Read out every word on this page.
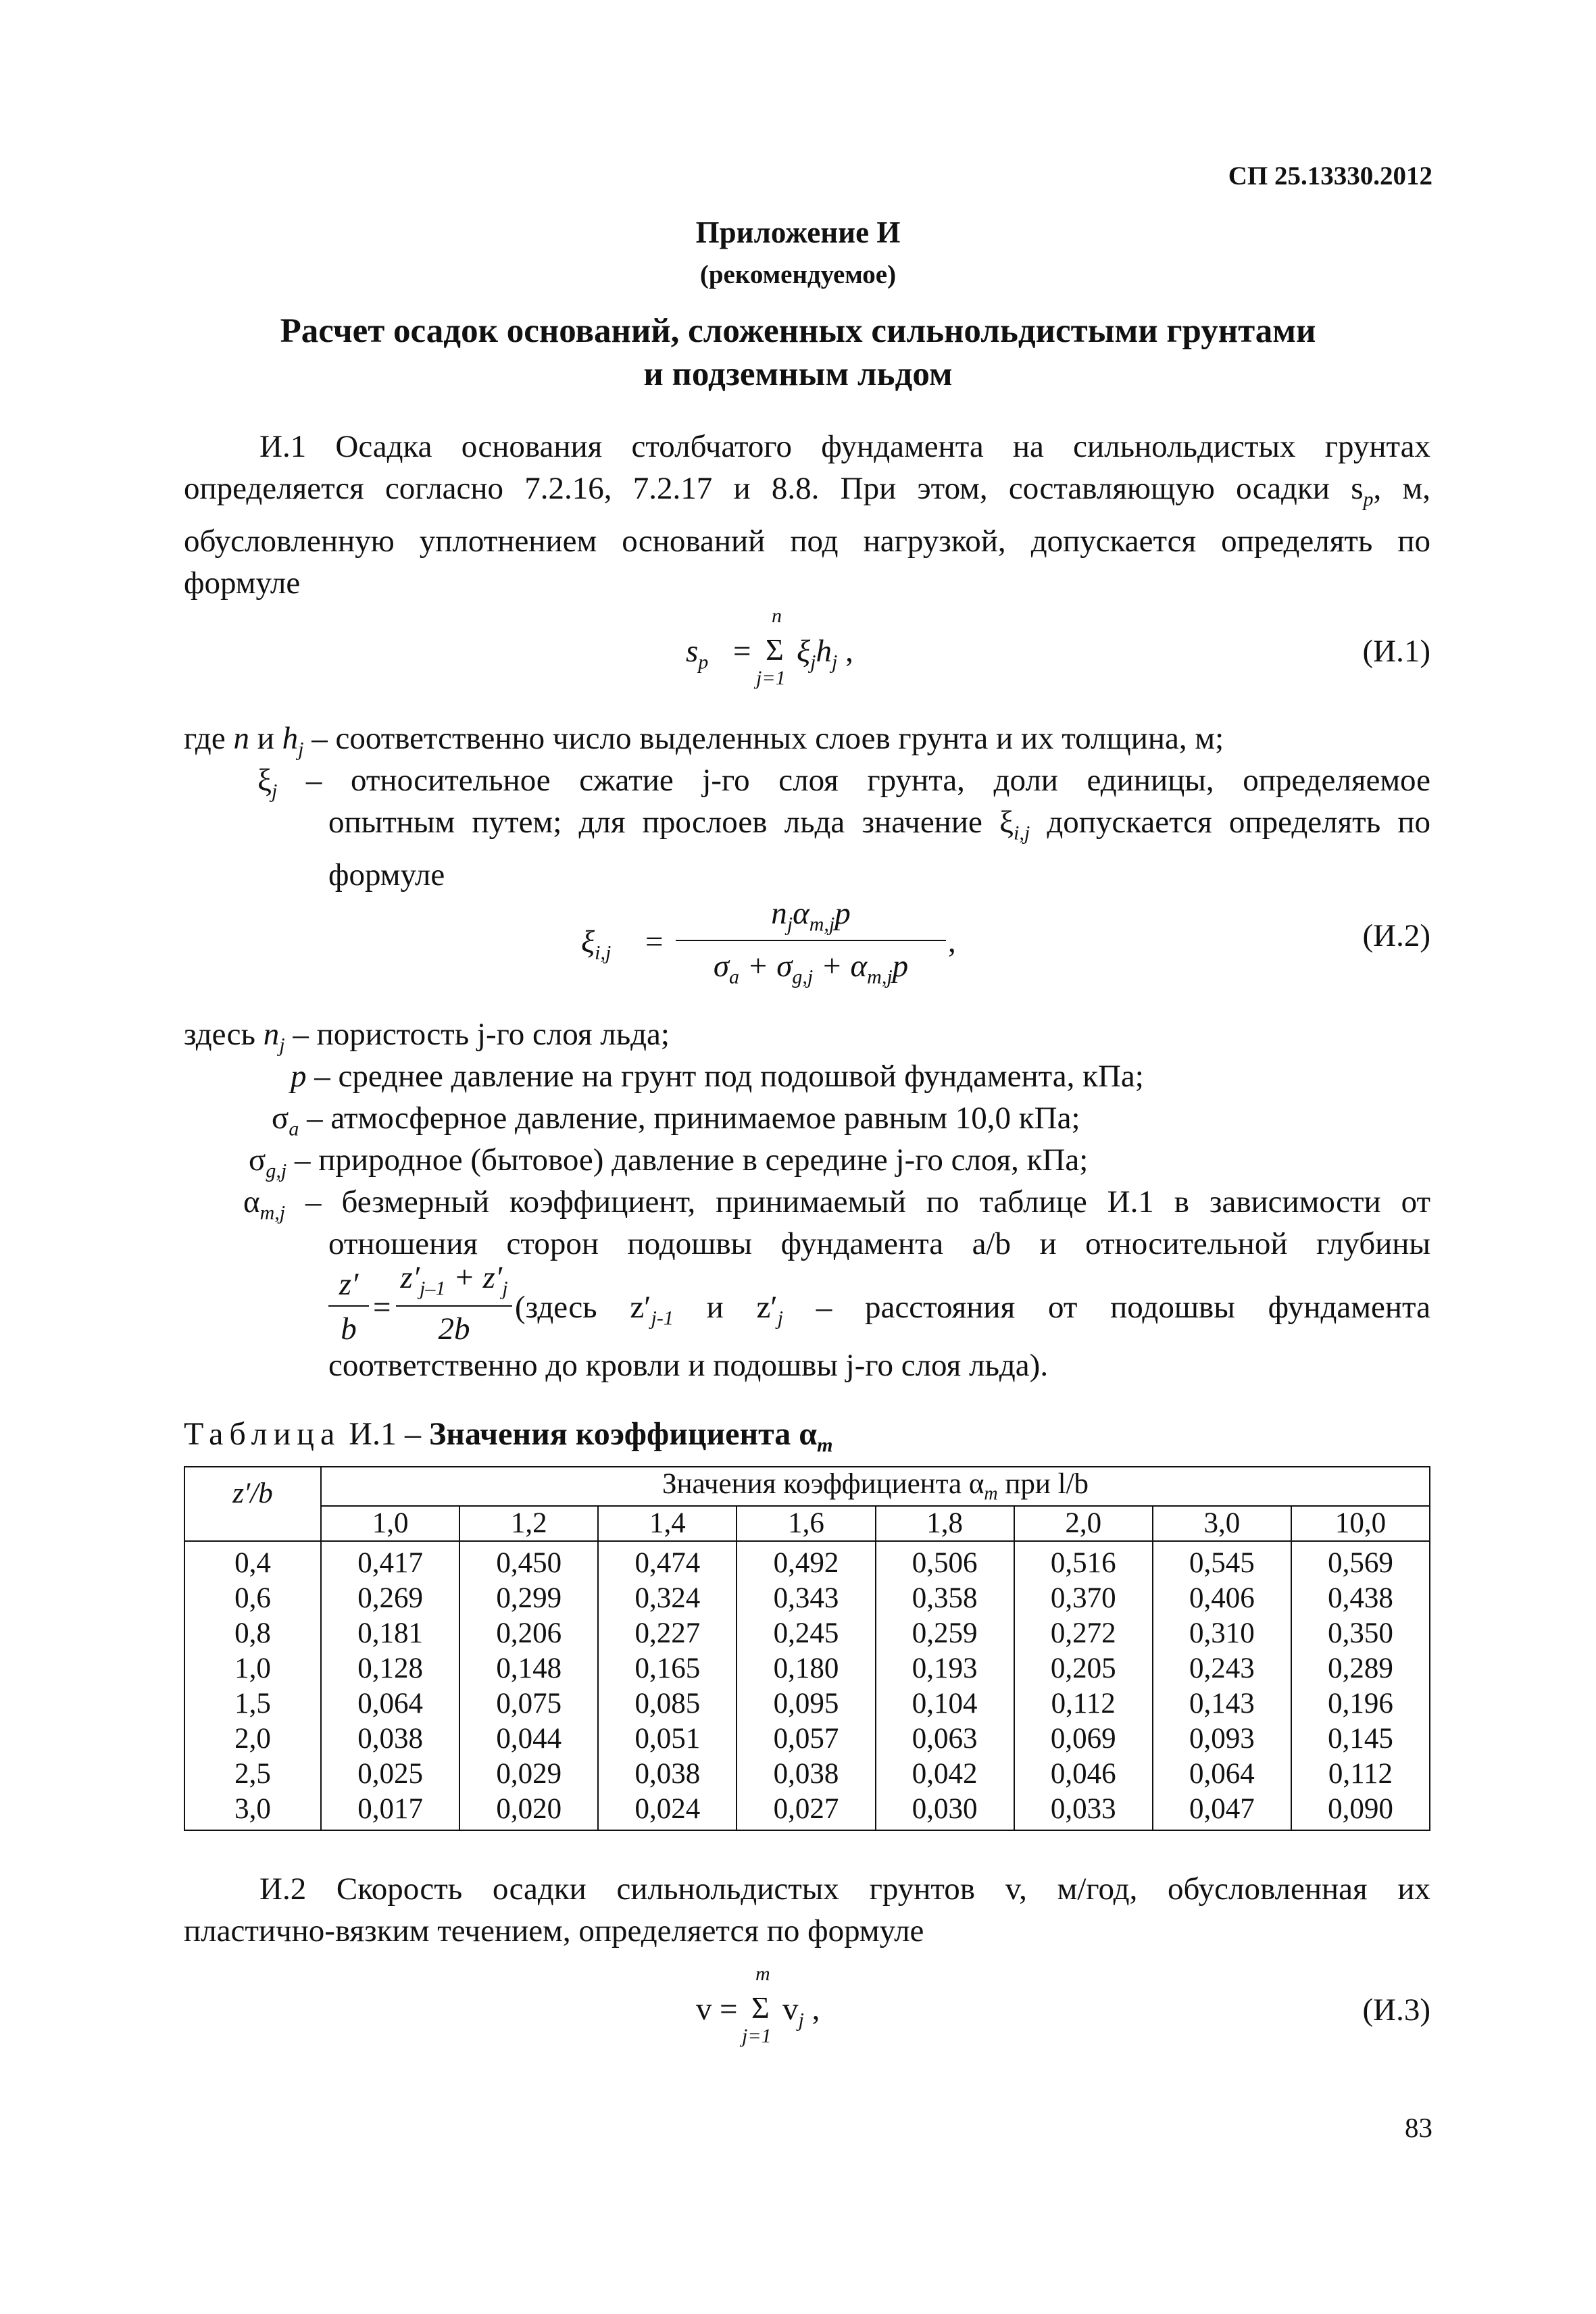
СП 25.13330.2012
Приложение И
(рекомендуемое)
Расчет осадок оснований, сложенных сильнольдистыми грунтами
и подземным льдом
И.1 Осадка основания столбчатого фундамента на сильнольдистых грунтах
определяется согласно 7.2.16, 7.2.17 и 8.8. При этом, составляющую осадки $s_p$, м,
обусловленную уплотнением оснований под нагрузкой, допускается определять по
формуле
$s_p$ =
n
Σ
j=1
$\xi_jh_j$ ,	(И.1)
где n и $h_j$ – соответственно число выделенных слоев грунта и их толщина, м;
$\xi_j$ – относительное сжатие j-го слоя грунта, доли единицы, определяемое
опытным путем; для прослоев льда значение $\xi_{i,j}$ допускается определять по
формуле
$\xi_{i,j}$ =
$n_j\alpha_{m,j}p$
$\sigma_a + \sigma_{g,j} + \alpha_{m,j}p$
,	(И.2)
здесь $n_j$ – пористость j-го слоя льда;
p – среднее давление на грунт под подошвой фундамента, кПа;
$\sigma_a$ – атмосферное давление, принимаемое равным 10,0 кПа;
$\sigma_{g,j}$ – природное (бытовое) давление в середине j-го слоя, кПа;
$\alpha_{m,j}$ – безмерный коэффициент, принимаемый по таблице И.1 в зависимости от
отношения сторон подошвы фундамента a/b и относительной глубины
z′
b
=
$z'_{j-1} + z'_j$
2b
(здесь $z'_{j-1}$ и $z'_j$ – расстояния от подошвы фундамента
соответственно до кровли и подошвы j-го слоя льда).
Таблица И.1 – Значения коэффициента $\alpha_m$
z′/b	Значения коэффициента $\alpha_m$ при l/b							
	1,0	1,2	1,4	1,6	1,8	2,0	3,0	10,0
0,4	0,417	0,450	0,474	0,492	0,506	0,516	0,545	0,569
0,6	0,269	0,299	0,324	0,343	0,358	0,370	0,406	0,438
0,8	0,181	0,206	0,227	0,245	0,259	0,272	0,310	0,350
1,0	0,128	0,148	0,165	0,180	0,193	0,205	0,243	0,289
1,5	0,064	0,075	0,085	0,095	0,104	0,112	0,143	0,196
2,0	0,038	0,044	0,051	0,057	0,063	0,069	0,093	0,145
2,5	0,025	0,029	0,038	0,038	0,042	0,046	0,064	0,112
3,0	0,017	0,020	0,024	0,027	0,030	0,033	0,047	0,090
И.2 Скорость осадки сильнольдистых грунтов v, м/год, обусловленная их
пластично-вязким течением, определяется по формуле
v =
m
Σ
j=1
$v_j$ ,	(И.3)
83
